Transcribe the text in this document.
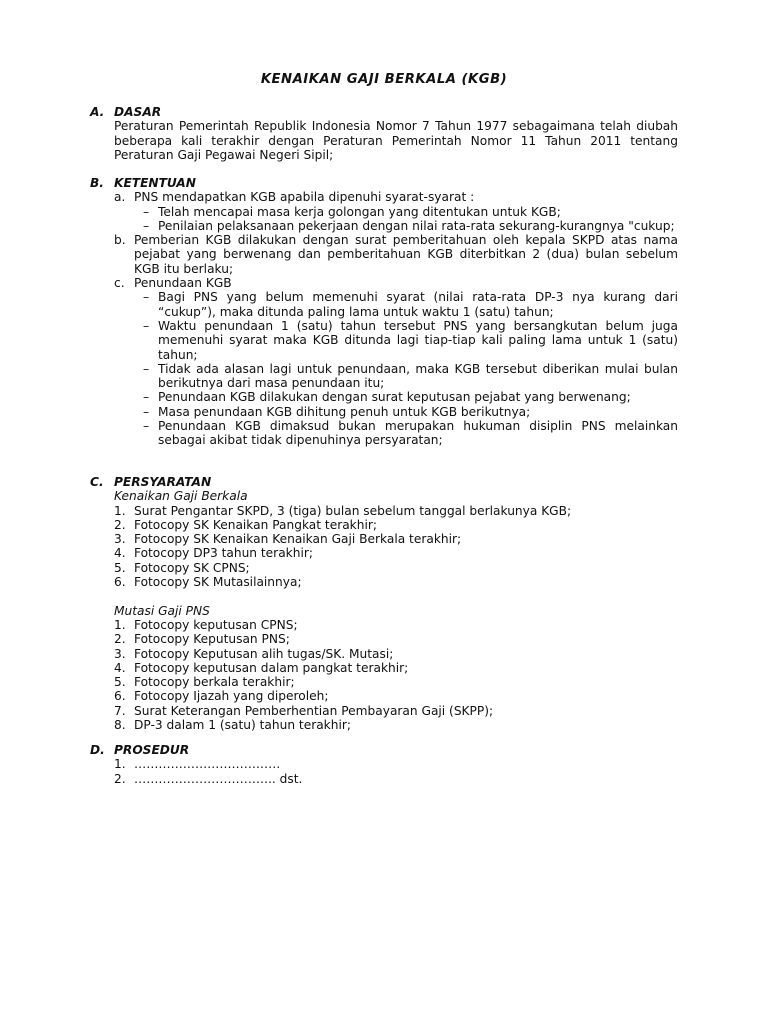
KENAIKAN GAJI BERKALA (KGB)
A. DASAR
Peraturan Pemerintah Republik Indonesia Nomor 7 Tahun 1977 sebagaimana telah diubah beberapa kali terakhir dengan Peraturan Pemerintah Nomor 11 Tahun 2011 tentang Peraturan Gaji Pegawai Negeri Sipil;
B. KETENTUAN
a. PNS mendapatkan KGB apabila dipenuhi syarat-syarat :
– Telah mencapai masa kerja golongan yang ditentukan untuk KGB;
– Penilaian pelaksanaan pekerjaan dengan nilai rata-rata sekurang-kurangnya "cukup;
b. Pemberian KGB dilakukan dengan surat pemberitahuan oleh kepala SKPD atas nama pejabat yang berwenang dan pemberitahuan KGB diterbitkan 2 (dua) bulan sebelum KGB itu berlaku;
c. Penundaan KGB
– Bagi PNS yang belum memenuhi syarat (nilai rata-rata DP-3 nya kurang dari “cukup”), maka ditunda paling lama untuk waktu 1 (satu) tahun;
– Waktu penundaan 1 (satu) tahun tersebut PNS yang bersangkutan belum juga memenuhi syarat maka KGB ditunda lagi tiap-tiap kali paling lama untuk 1 (satu) tahun;
– Tidak ada alasan lagi untuk penundaan, maka KGB tersebut diberikan mulai bulan berikutnya dari masa penundaan itu;
– Penundaan KGB dilakukan dengan surat keputusan pejabat yang berwenang;
– Masa penundaan KGB dihitung penuh untuk KGB berikutnya;
– Penundaan KGB dimaksud bukan merupakan hukuman disiplin PNS melainkan sebagai akibat tidak dipenuhinya persyaratan;
C. PERSYARATAN
Kenaikan Gaji Berkala
1. Surat Pengantar SKPD, 3 (tiga) bulan sebelum tanggal berlakunya KGB;
2. Fotocopy SK Kenaikan Pangkat terakhir;
3. Fotocopy SK Kenaikan Kenaikan Gaji Berkala terakhir;
4. Fotocopy DP3 tahun terakhir;
5. Fotocopy SK CPNS;
6. Fotocopy SK Mutasilainnya;
Mutasi Gaji PNS
1. Fotocopy keputusan CPNS;
2. Fotocopy Keputusan PNS;
3. Fotocopy Keputusan alih tugas/SK. Mutasi;
4. Fotocopy keputusan dalam pangkat terakhir;
5. Fotocopy berkala terakhir;
6. Fotocopy Ijazah yang diperoleh;
7. Surat Keterangan Pemberhentian Pembayaran Gaji (SKPP);
8. DP-3 dalam 1 (satu) tahun terakhir;
D. PROSEDUR
1. ………………………………
2. …………………………….. dst.
